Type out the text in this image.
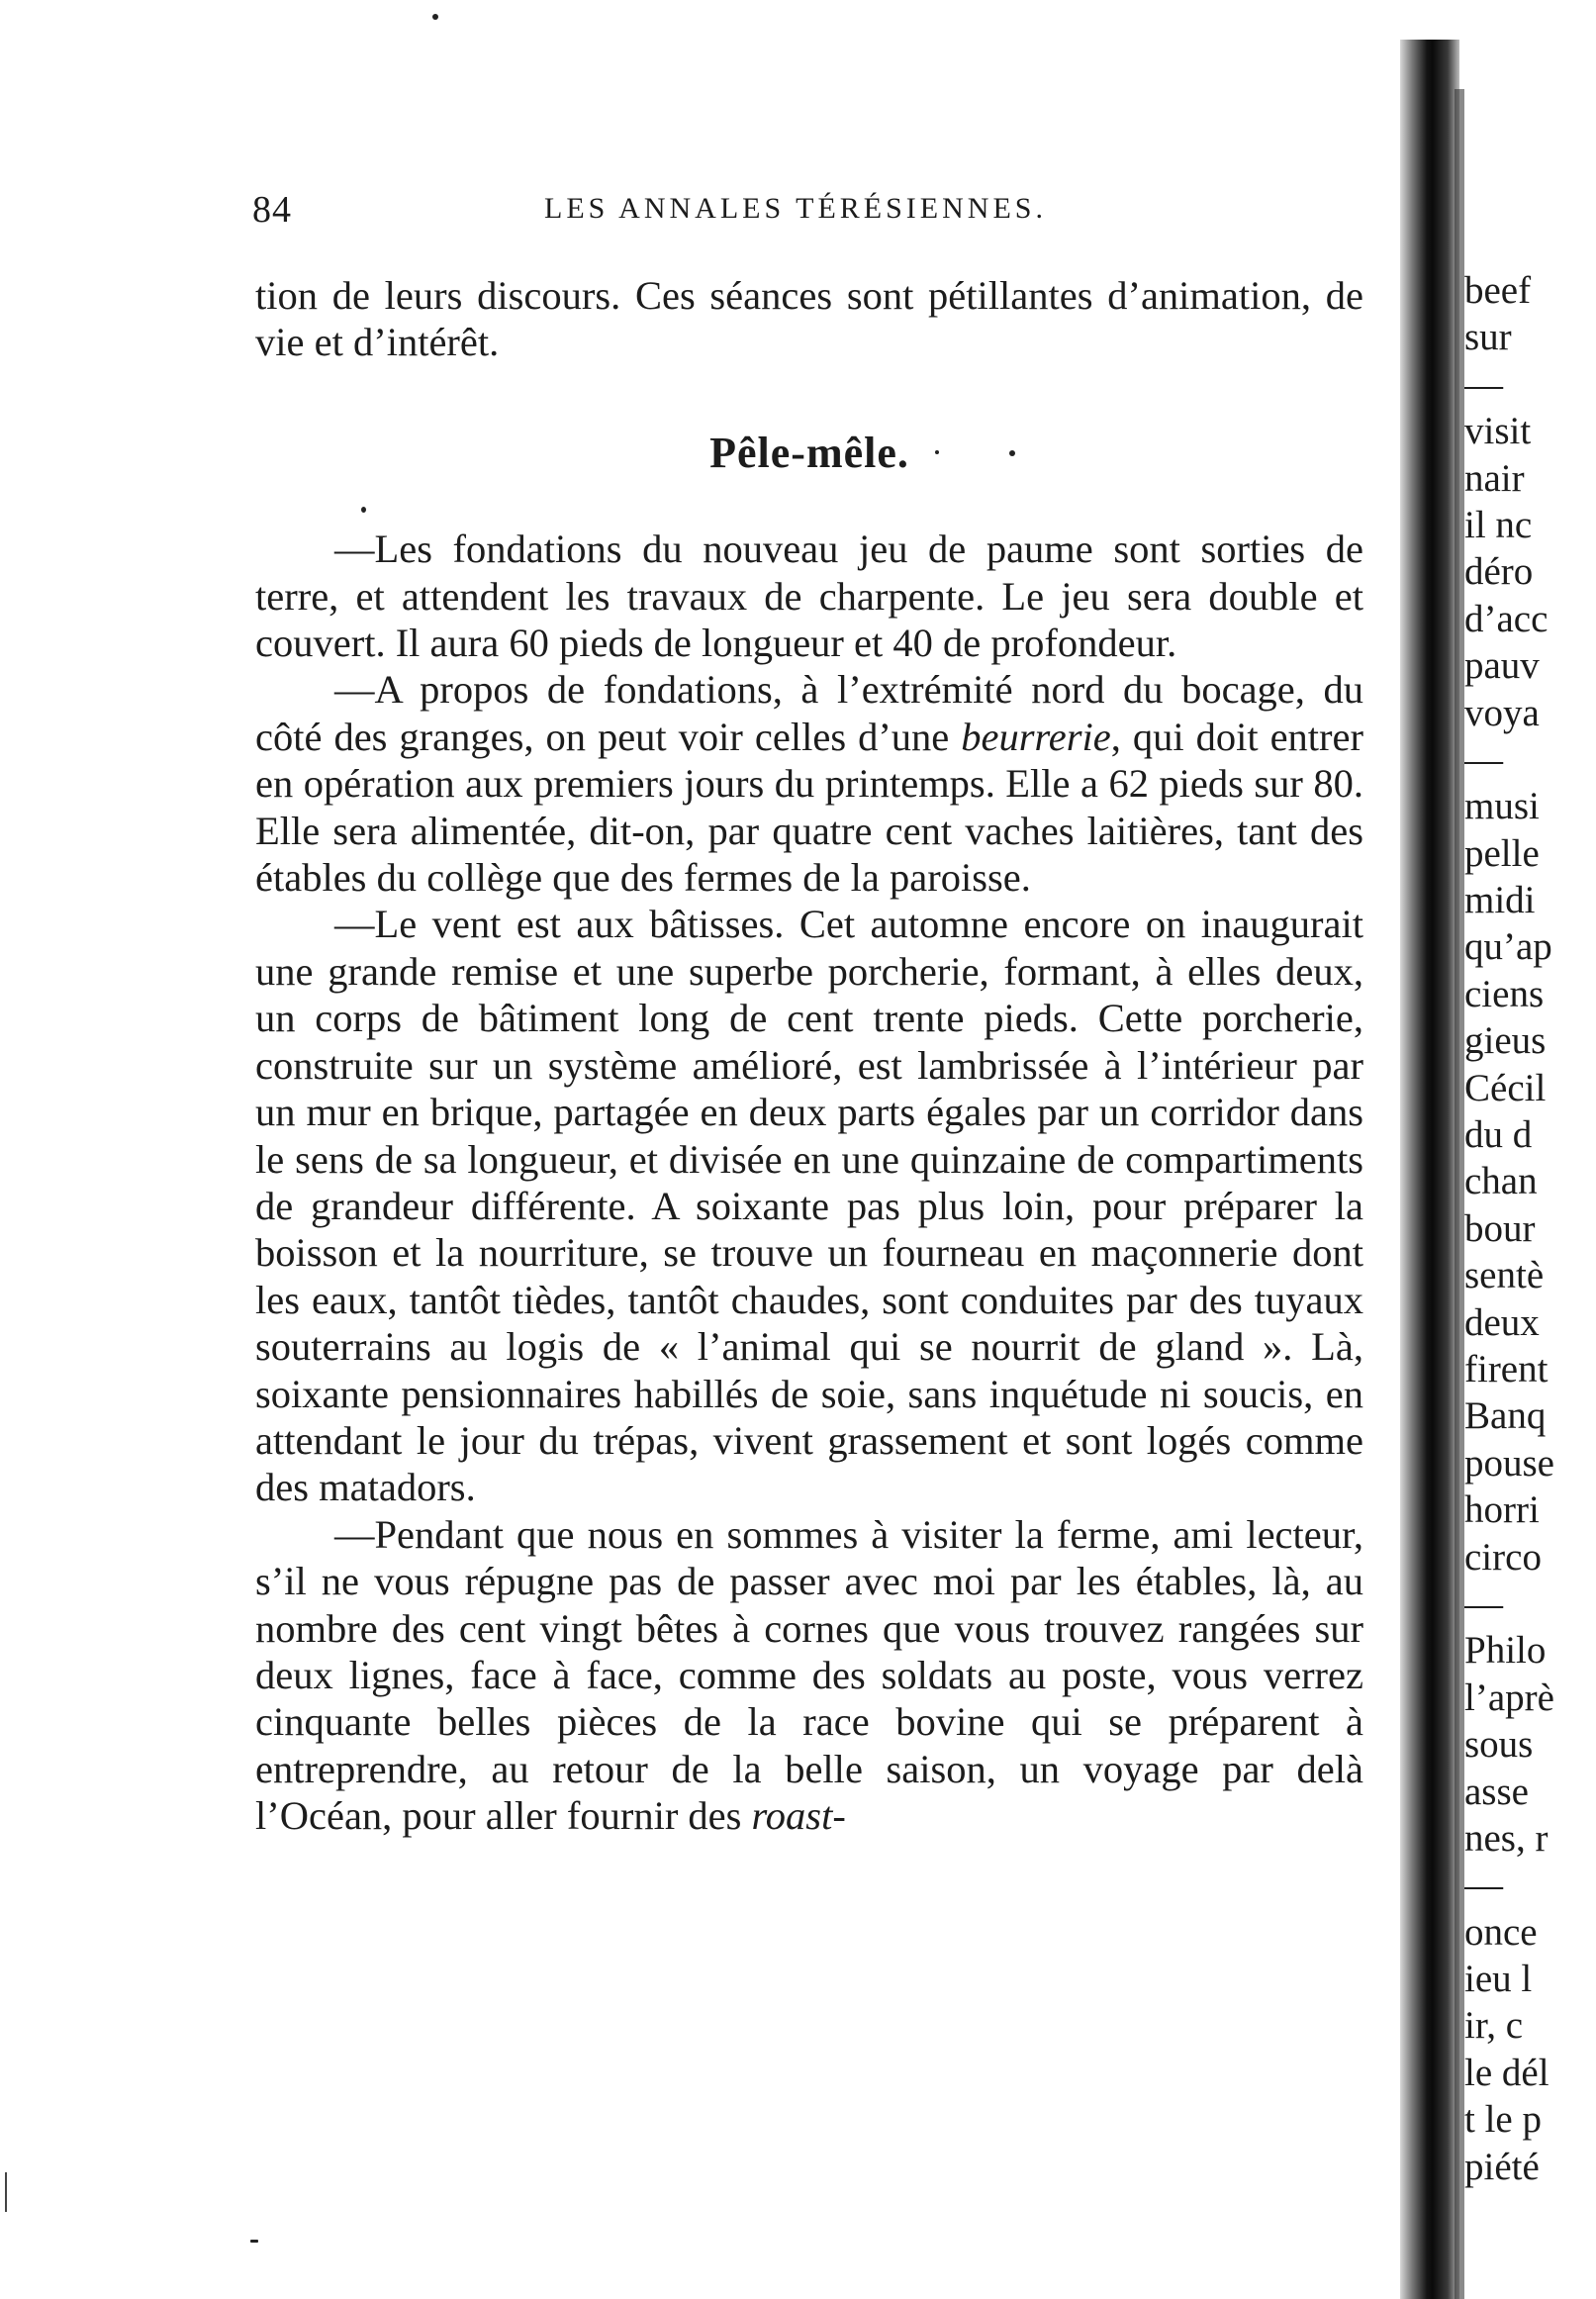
84	LES ANNALES TÉRÉSIENNES.

tion de leurs discours. Ces séances sont pétillantes d’animation, de vie et d’intérêt.

Pêle-mêle.

—Les fondations du nouveau jeu de paume sont sorties de terre, et attendent les travaux de charpente. Le jeu sera double et couvert. Il aura 60 pieds de longueur et 40 de profondeur.

—A propos de fondations, à l’extrémité nord du bocage, du côté des granges, on peut voir celles d’une beurrerie, qui doit entrer en opération aux premiers jours du printemps. Elle a 62 pieds sur 80. Elle sera alimentée, dit-on, par quatre cent vaches laitières, tant des étables du collège que des fermes de la paroisse.

—Le vent est aux bâtisses. Cet automne encore on inaugurait une grande remise et une superbe porcherie, formant, à elles deux, un corps de bâtiment long de cent trente pieds. Cette porcherie, construite sur un système amélioré, est lambrissée à l’intérieur par un mur en brique, partagée en deux parts égales par un corridor dans le sens de sa longueur, et divisée en une quinzaine de compartiments de grandeur différente. A soixante pas plus loin, pour préparer la boisson et la nourriture, se trouve un fourneau en maçonnerie dont les eaux, tantôt tièdes, tantôt chaudes, sont conduites par des tuyaux souterrains au logis de « l’animal qui se nourrit de gland ». Là, soixante pensionnaires habillés de soie, sans inquétude ni soucis, en attendant le jour du trépas, vivent grassement et sont logés comme des matadors.

—Pendant que nous en sommes à visiter la ferme, ami lecteur, s’il ne vous répugne pas de passer avec moi par les étables, là, au nombre des cent vingt bêtes à cornes que vous trouvez rangées sur deux lignes, face à face, comme des soldats au poste, vous verrez cinquante belles pièces de la race bovine qui se préparent à entreprendre, au retour de la belle saison, un voyage par delà l’Océan, pour aller fournir des roast-

beef
sur
—
visit
nair
il nc
déro
d’acc
pauv
voya
—
musi
pelle
midi
qu’ap
ciens
gieus
Cécil
du d
chan
bour
sentè
deux
firent
Banq
pouse
horri
circo
—
Philo
l’aprè
sous
asse
nes, r
—
once
ieu l
ir, c
le dél
t le p
piété
